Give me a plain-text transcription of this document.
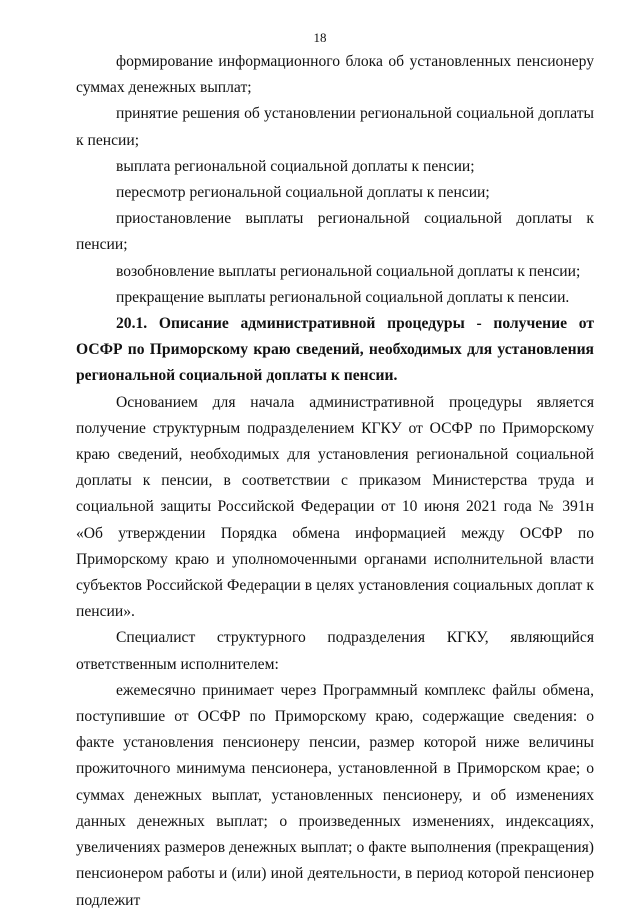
18

формирование информационного блока об установленных пенсионеру суммах денежных выплат;

принятие решения об установлении региональной социальной доплаты к пенсии;

выплата региональной социальной доплаты к пенсии;

пересмотр региональной социальной доплаты к пенсии;

приостановление выплаты региональной социальной доплаты к пенсии;

возобновление выплаты региональной социальной доплаты к пенсии;

прекращение выплаты региональной социальной доплаты к пенсии.

20.1. Описание административной процедуры - получение от ОСФР по Приморскому краю сведений, необходимых для установления региональной социальной доплаты к пенсии.

Основанием для начала административной процедуры является получение структурным подразделением КГКУ от ОСФР по Приморскому краю сведений, необходимых для установления региональной социальной доплаты к пенсии, в соответствии с приказом Министерства труда и социальной защиты Российской Федерации от 10 июня 2021 года № 391н «Об утверждении Порядка обмена информацией между ОСФР по Приморскому краю и уполномоченными органами исполнительной власти субъектов Российской Федерации в целях установления социальных доплат к пенсии».

Специалист структурного подразделения КГКУ, являющийся ответственным исполнителем:

ежемесячно принимает через Программный комплекс файлы обмена, поступившие от ОСФР по Приморскому краю, содержащие сведения: о факте установления пенсионеру пенсии, размер которой ниже величины прожиточного минимума пенсионера, установленной в Приморском крае; о суммах денежных выплат, установленных пенсионеру, и об изменениях данных денежных выплат; о произведенных изменениях, индексациях, увеличениях размеров денежных выплат; о факте выполнения (прекращения) пенсионером работы и (или) иной деятельности, в период которой пенсионер подлежит
